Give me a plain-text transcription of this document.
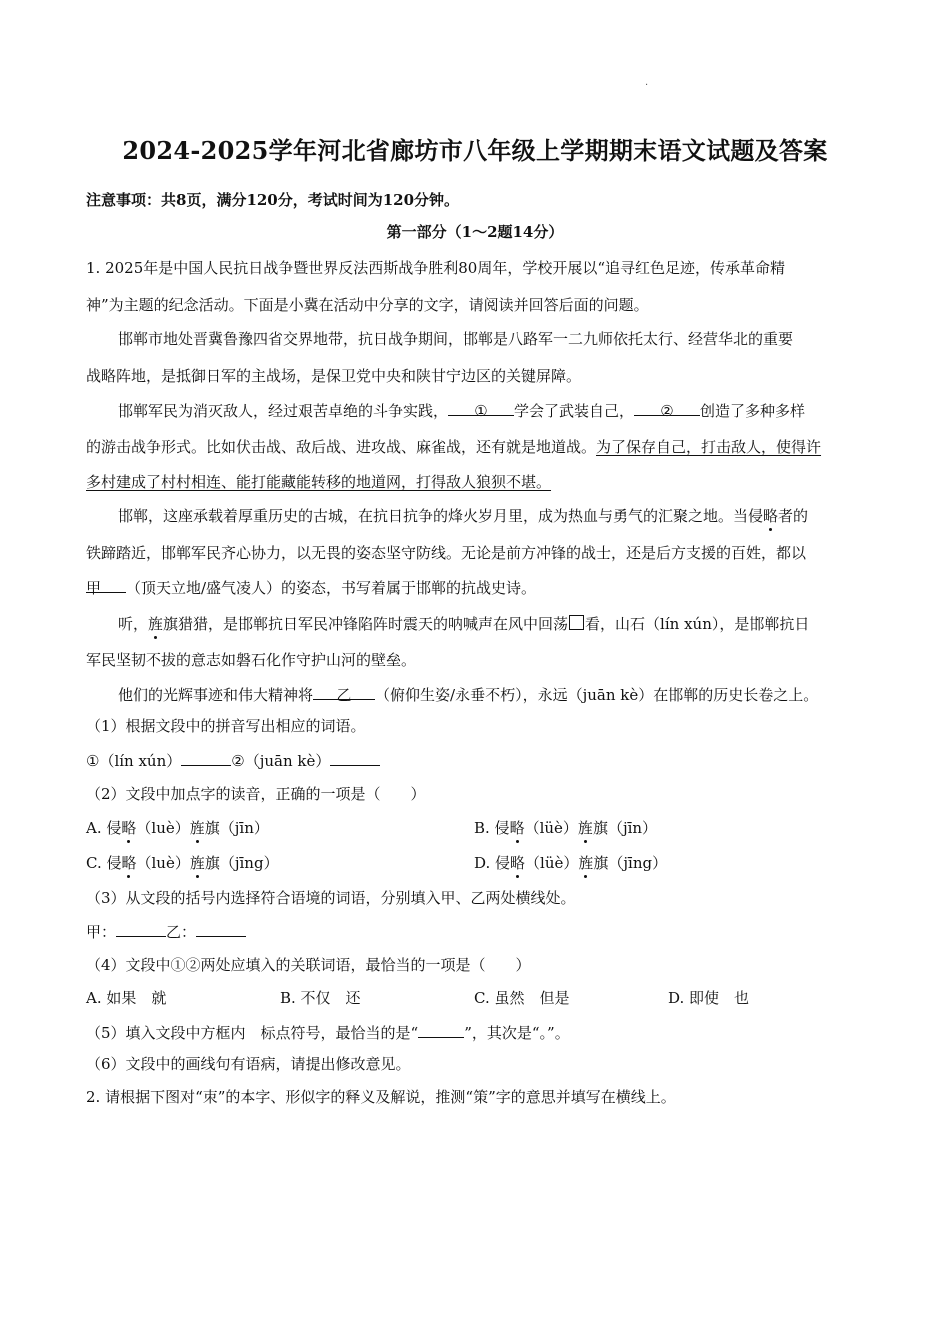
.
2024-2025学年河北省廊坊市八年级上学期期末语文试题及答案
注意事项：共8页，满分120分，考试时间为120分钟。
第一部分（1～2题14分）
1. 2025年是中国人民抗日战争暨世界反法西斯战争胜利80周年，学校开展以“追寻红色足迹，传承革命精
神”为主题的纪念活动。下面是小冀在活动中分享的文字，请阅读并回答后面的问题。
邯郸市地处晋冀鲁豫四省交界地带，抗日战争期间，邯郸是八路军一二九师依托太行、经营华北的重要
战略阵地，是抵御日军的主战场，是保卫党中央和陕甘宁边区的关键屏障。
邯郸军民为消灭敌人，经过艰苦卓绝的斗争实践， ① 学会了武装自己， ② 创造了多种多样
的游击战争形式。比如伏击战、敌后战、进攻战、麻雀战，还有就是地道战。为了保存自己，打击敌人，使得许
多村建成了村村相连、能打能藏能转移的地道网，打得敌人狼狈不堪。
邯郸，这座承载着厚重历史的古城，在抗日抗争的烽火岁月里，成为热血与勇气的汇聚之地。当侵略者的
铁蹄踏近，邯郸军民齐心协力，以无畏的姿态坚守防线。无论是前方冲锋的战士，还是后方支援的百姓，都以
甲 （顶天立地/盛气凌人）的姿态，书写着属于邯郸的抗战史诗。
听，旌旗猎猎，是邯郸抗日军民冲锋陷阵时震天的呐喊声在风中回荡 看，山石（lín xún），是邯郸抗日
军民坚韧不拔的意志如磐石化作守护山河的壁垒。
他们的光辉事迹和伟大精神将 乙 （俯仰生姿/永垂不朽），永远（juān kè）在邯郸的历史长卷之上。
（1）根据文段中的拼音写出相应的词语。
①（lín xún）	②（juān kè）
（2）文段中加点字的读音，正确的一项是（　　）
A. 侵略（luè）旌旗（jīn）	B. 侵略（lüè）旌旗（jīn）
C. 侵略（luè）旌旗（jīng）	D. 侵略（lüè）旌旗（jīng）
（3）从文段的括号内选择符合语境的词语，分别填入甲、乙两处横线处。
甲：	乙：
（4）文段中①②两处应填入的关联词语，最恰当的一项是（　　）
A. 如果　就	B. 不仅　还	C. 虽然　但是	D. 即使　也
（5）填入文段中方框内　标点符号，最恰当的是“	”，其次是“。”。
（6）文段中的画线句有语病，请提出修改意见。
2. 请根据下图对“朿”的本字、形似字的释义及解说，推测“策”字的意思并填写在横线上。
